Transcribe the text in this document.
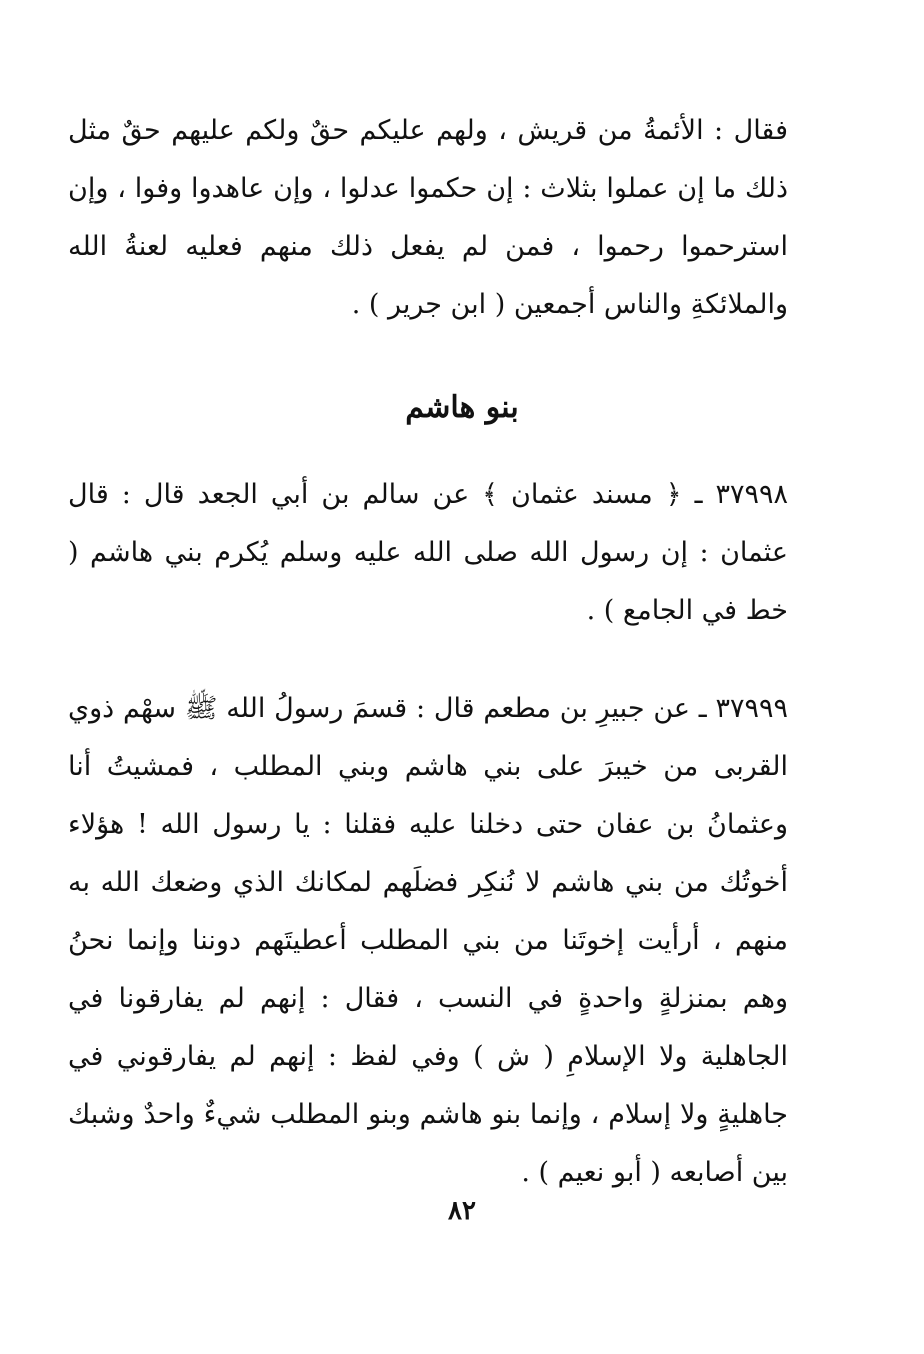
فقال : الأئمةُ من قريش ، ولهم عليكم حقٌ ولكم عليهم حقٌ مثل ذلك ما إن عملوا بثلاث : إن حكموا عدلوا ، وإن عاهدوا وفوا ، وإن استرحموا رحموا ، فمن لم يفعل ذلك منهم فعليه لعنةُ الله والملائكةِ والناس أجمعين ( ابن جرير ) .

بنو هاشم

٣٧٩٩٨ ـ ﴿ مسند عثمان ﴾ عن سالم بن أبي الجعد قال : قال عثمان : إن رسول الله صلى الله عليه وسلم يُكرم بني هاشم ( خط في الجامع ) .

٣٧٩٩٩ ـ عن جبيرِ بن مطعم قال : قسمَ رسولُ الله ﷺ سهْم ذوي القربى من خيبرَ على بني هاشم وبني المطلب ، فمشيتُ أنا وعثمانُ بن عفان حتى دخلنا عليه فقلنا : يا رسول الله ! هؤلاء أخوتُك من بني هاشم لا نُنكِر فضلَهم لمكانك الذي وضعك الله به منهم ، أرأيت إخوتَنا من بني المطلب أعطيتَهم دوننا وإنما نحنُ وهم بمنزلةٍ واحدةٍ في النسب ، فقال : إنهم لم يفارقونا في الجاهلية ولا الإسلامِ ( ش ) وفي لفظ : إنهم لم يفارقوني في جاهليةٍ ولا إسلام ، وإنما بنو هاشم وبنو المطلب شيءٌ واحدٌ وشبك بين أصابعه ( أبو نعيم ) .

٨٢
